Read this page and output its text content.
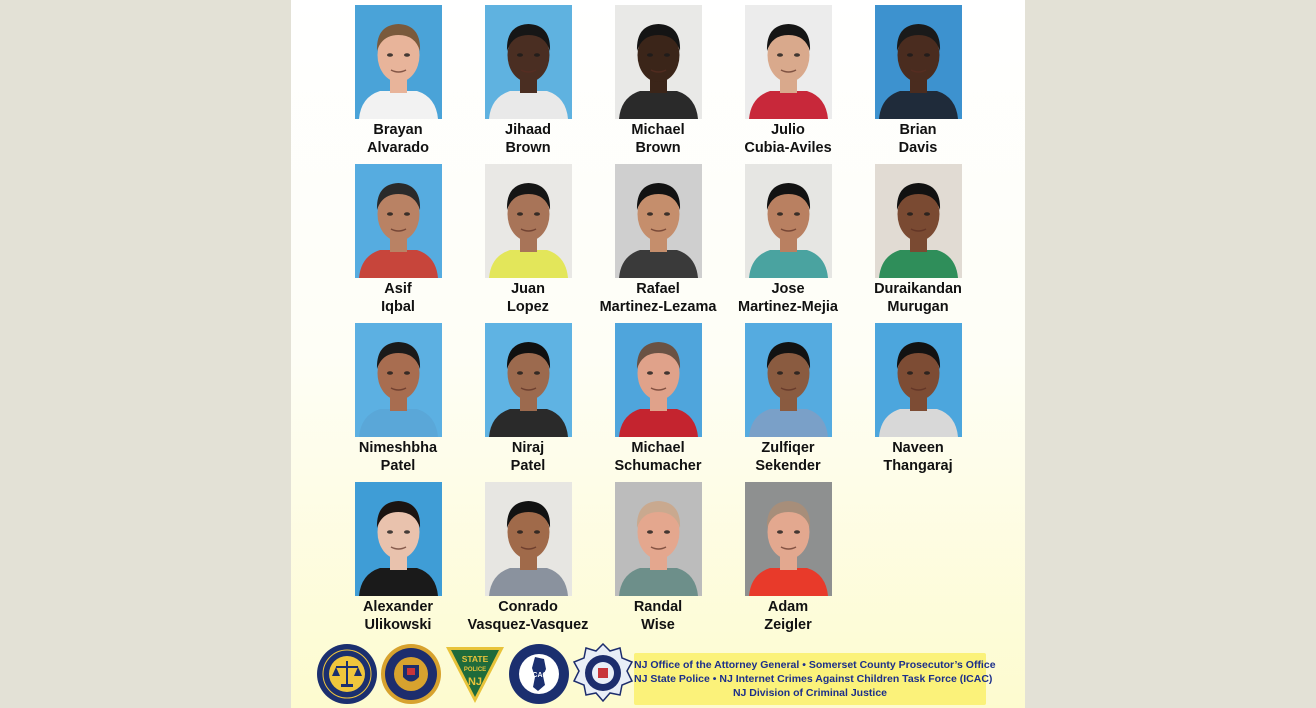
Brayan
Alvarado
Jihaad
Brown
Michael
Brown
Julio
Cubia-Aviles
Brian
Davis
Asif
Iqbal
Juan
Lopez
Rafael
Martinez-Lezama
Jose
Martinez-Mejia
Duraikandan
Murugan
Nimeshbha
Patel
Niraj
Patel
Michael
Schumacher
Zulfiqer
Sekender
Naveen
Thangaraj
Alexander
Ulikowski
Conrado
Vasquez-Vasquez
Randal
Wise
Adam
Zeigler
STATE
POLICE
NJ
ICAC
NJ Office of the Attorney General • Somerset County Prosecutor’s Office
NJ State Police • NJ Internet Crimes Against Children Task Force (ICAC)
NJ Division of Criminal Justice
